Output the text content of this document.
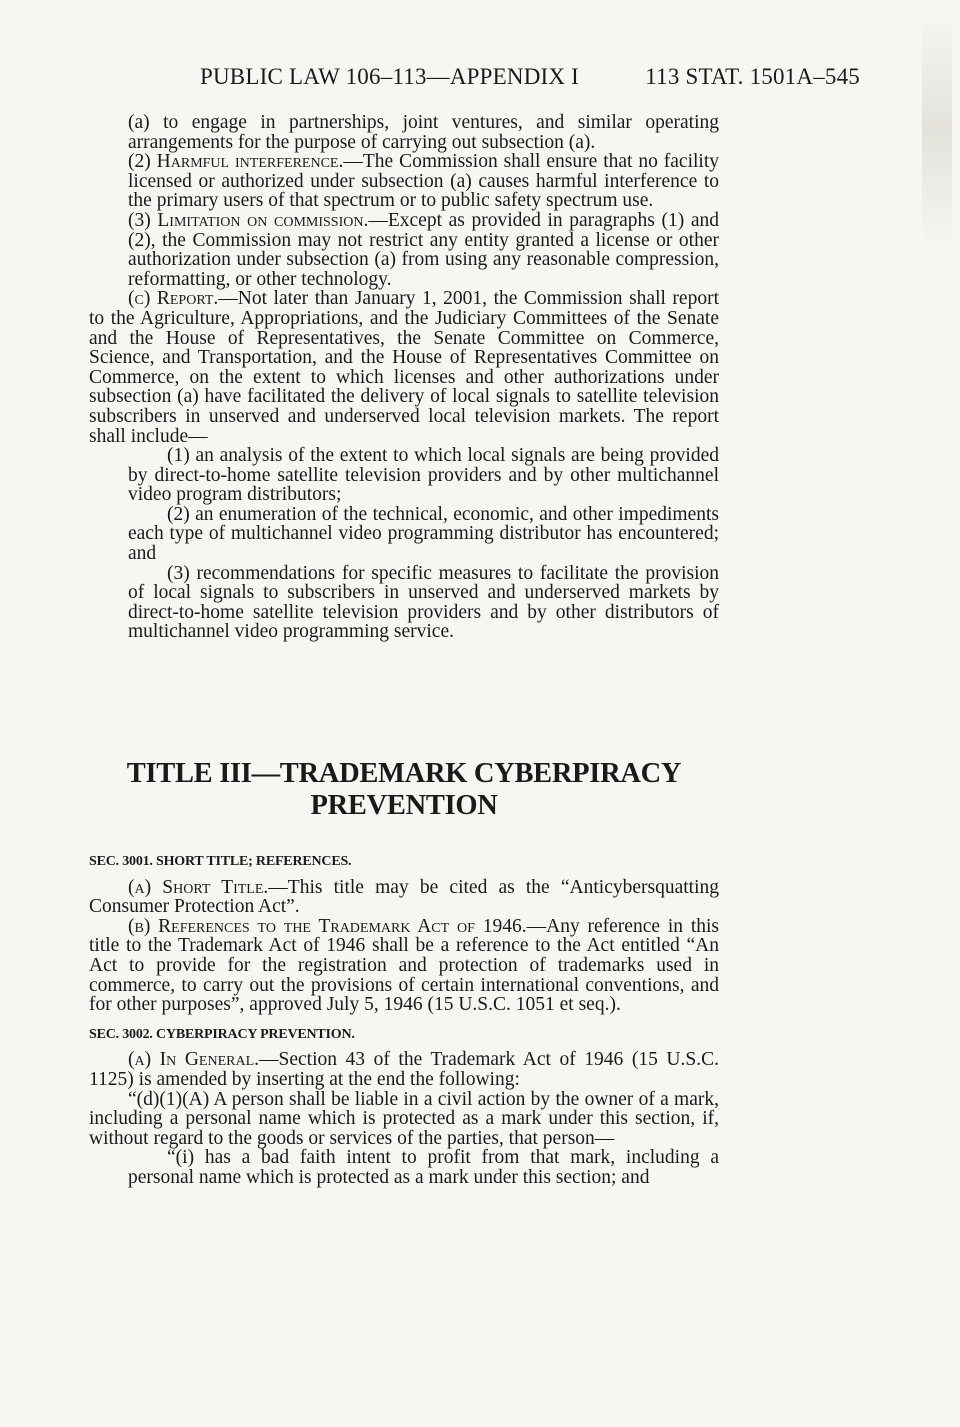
PUBLIC LAW 106–113—APPENDIX I	113 STAT. 1501A–545

(a) to engage in partnerships, joint ventures, and similar operating arrangements for the purpose of carrying out subsection (a).

(2) Harmful interference.—The Commission shall ensure that no facility licensed or authorized under subsection (a) causes harmful interference to the primary users of that spectrum or to public safety spectrum use.

(3) Limitation on commission.—Except as provided in paragraphs (1) and (2), the Commission may not restrict any entity granted a license or other authorization under subsection (a) from using any reasonable compression, reformatting, or other technology.

(c) Report.—Not later than January 1, 2001, the Commission shall report to the Agriculture, Appropriations, and the Judiciary Committees of the Senate and the House of Representatives, the Senate Committee on Commerce, Science, and Transportation, and the House of Representatives Committee on Commerce, on the extent to which licenses and other authorizations under subsection (a) have facilitated the delivery of local signals to satellite television subscribers in unserved and underserved local television markets. The report shall include—

(1) an analysis of the extent to which local signals are being provided by direct-to-home satellite television providers and by other multichannel video program distributors;

(2) an enumeration of the technical, economic, and other impediments each type of multichannel video programming distributor has encountered; and

(3) recommendations for specific measures to facilitate the provision of local signals to subscribers in unserved and underserved markets by direct-to-home satellite television providers and by other distributors of multichannel video programming service.

TITLE III—TRADEMARK CYBERPIRACY
PREVENTION
SEC. 3001. SHORT TITLE; REFERENCES.

(a) Short Title.—This title may be cited as the “Anticybersquatting Consumer Protection Act”.

(b) References to the Trademark Act of 1946.—Any reference in this title to the Trademark Act of 1946 shall be a reference to the Act entitled “An Act to provide for the registration and protection of trademarks used in commerce, to carry out the provisions of certain international conventions, and for other purposes”, approved July 5, 1946 (15 U.S.C. 1051 et seq.).

SEC. 3002. CYBERPIRACY PREVENTION.

(a) In General.—Section 43 of the Trademark Act of 1946 (15 U.S.C. 1125) is amended by inserting at the end the following:

“(d)(1)(A) A person shall be liable in a civil action by the owner of a mark, including a personal name which is protected as a mark under this section, if, without regard to the goods or services of the parties, that person—

“(i) has a bad faith intent to profit from that mark, including a personal name which is protected as a mark under this section; and
